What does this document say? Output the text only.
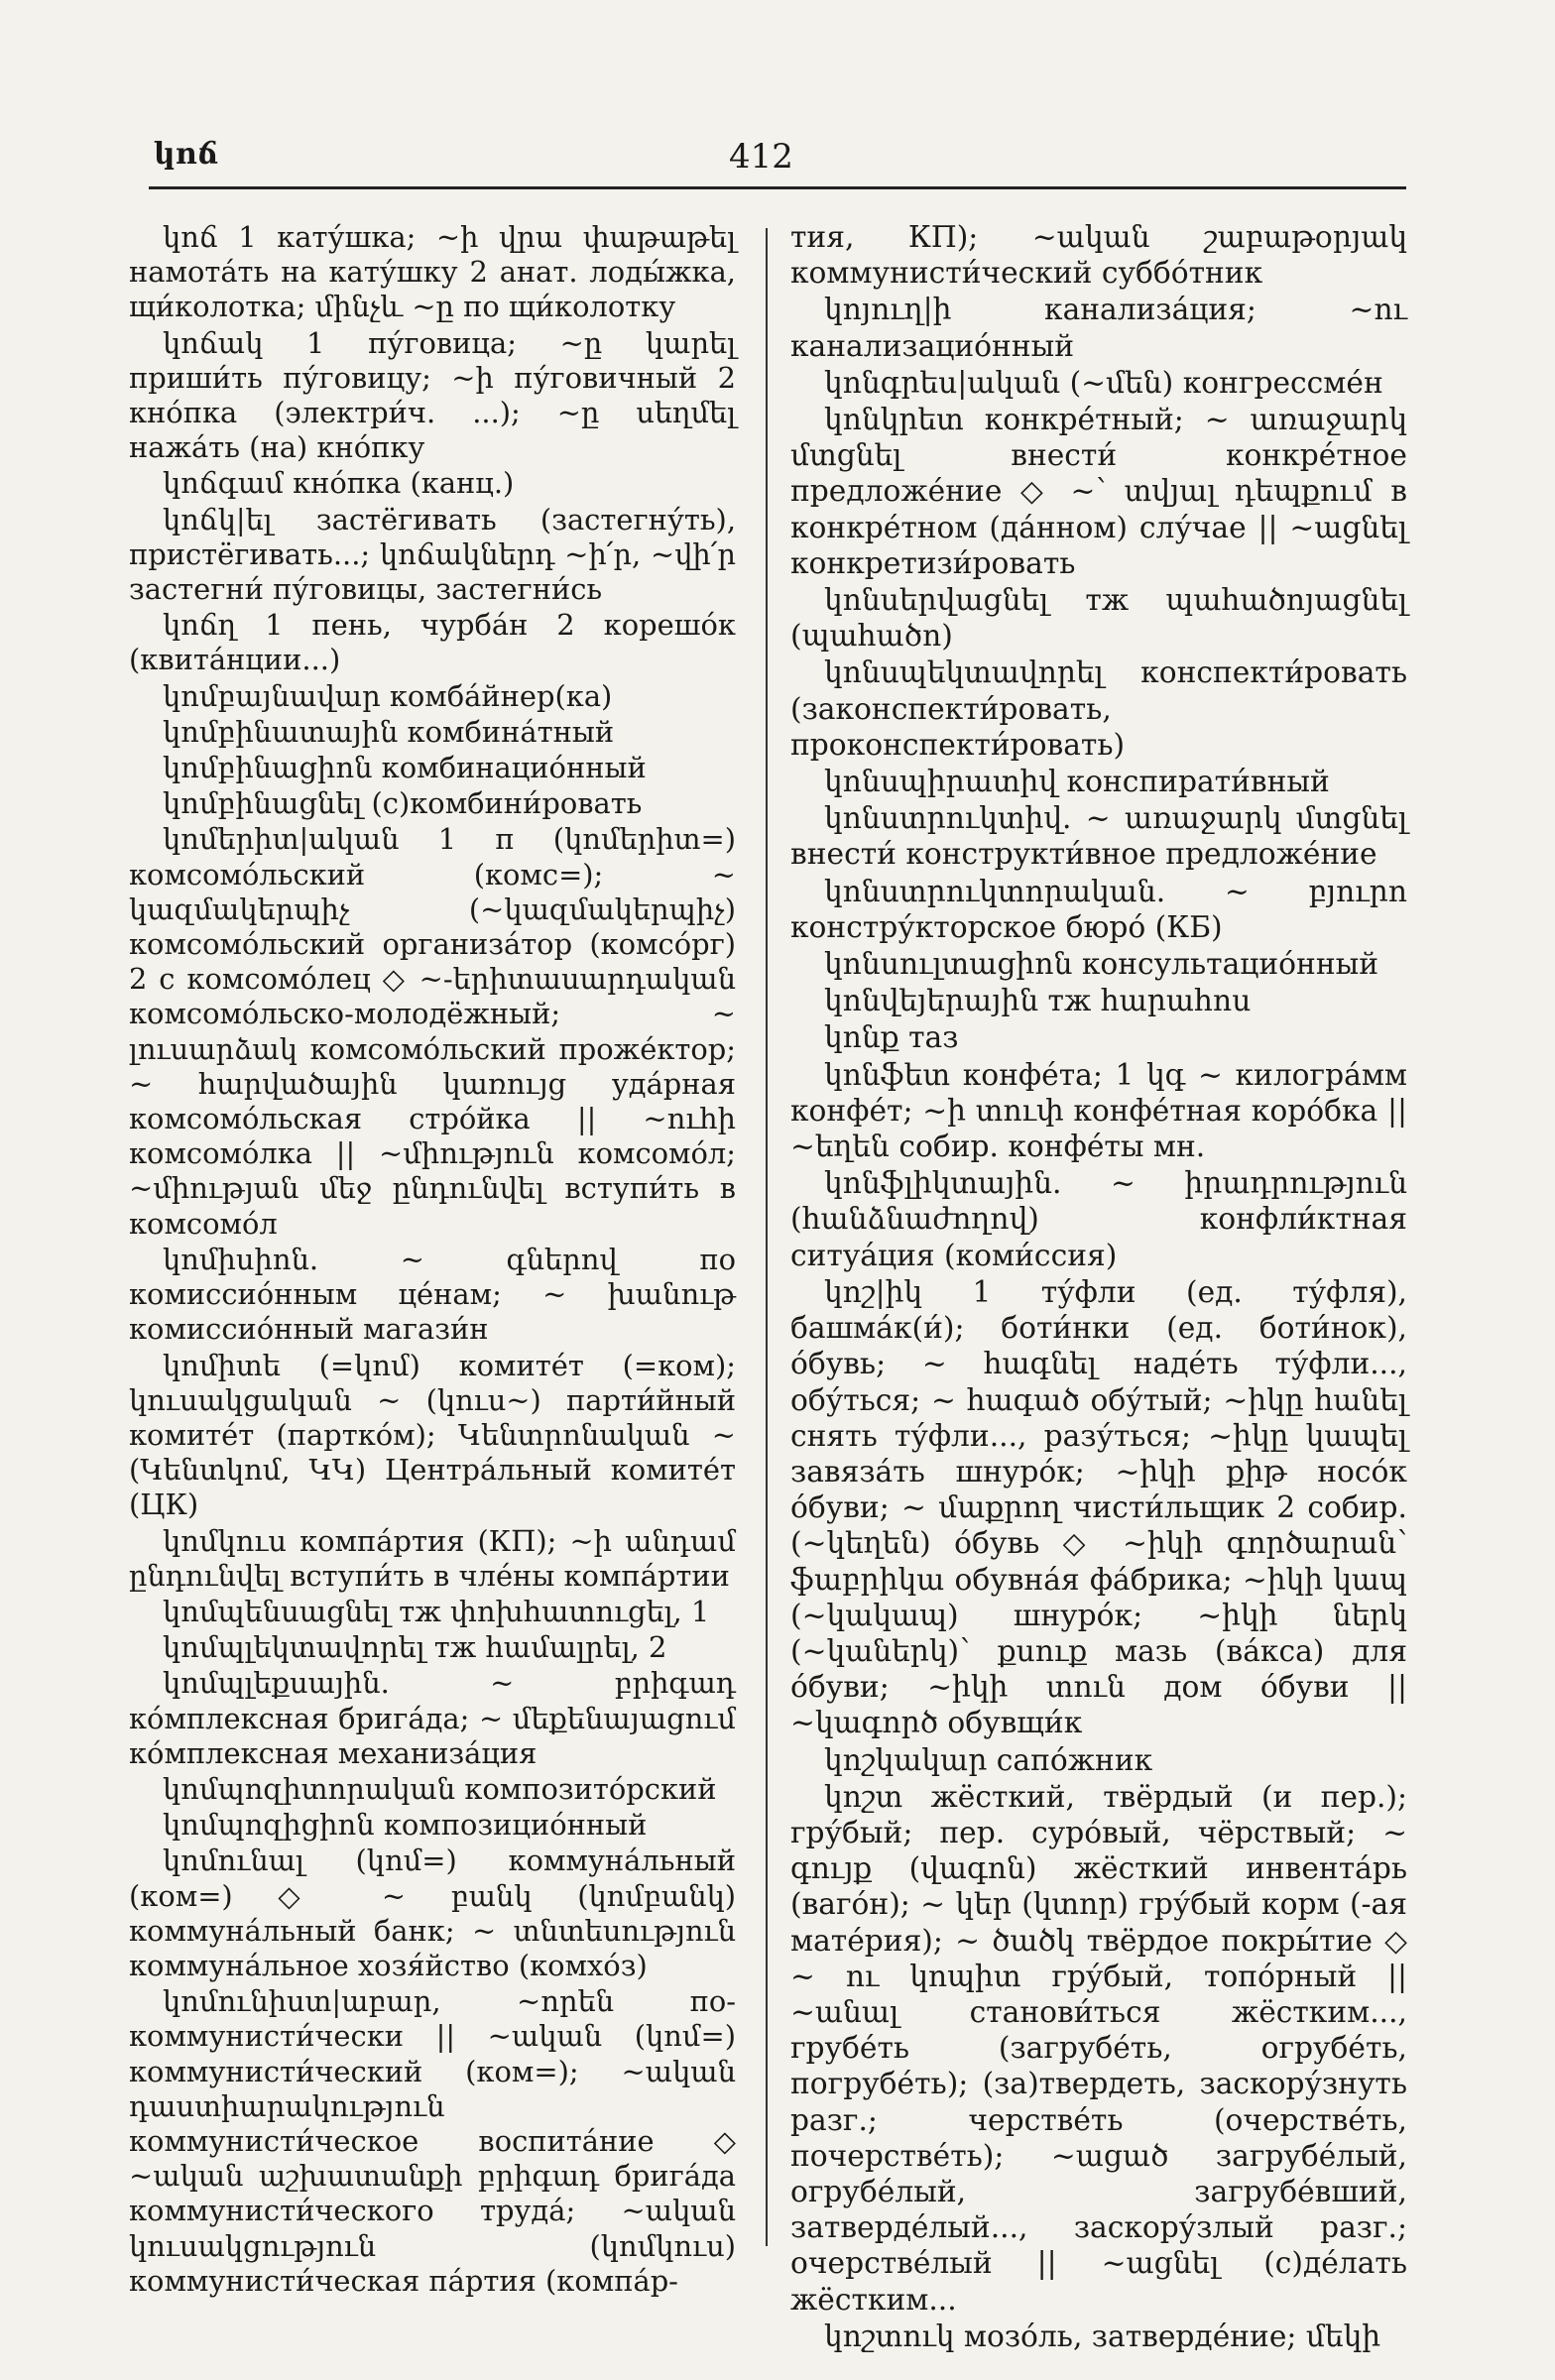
կոճ	412

կոճ 1 кату́шка; ~ի վրա փաթաթել намота́ть на кату́шку 2 анат. лоды́жка, щи́колотка; մինչև ~ը по щи́колотку

կոճակ 1 пу́говица; ~ը կարել приши́ть пу́говицу; ~ի пу́говичный 2 кно́пка (электри́ч. ...); ~ը սեղմել нажа́ть (на) кно́пку

կոճգամ кно́пка (канц.)

կոճկ|ել застёгивать (застегну́ть), пристёгивать...; կոճակներդ ~ի՛ր, ~վի՛ր застегни́ пу́говицы, застегни́сь

կոճղ 1 пень, чурба́н 2 корешо́к (квита́нции...)

կոմբայնավար комба́йнер(ка)

կոմբինատային комбина́тный

կոմբինացիոն комбинацио́нный

կոմբինացնել (с)комбини́ровать

կոմերիտ|ական 1 п (կոմերիտ=) комсомо́льский (комс=); ~ կազմակերպիչ (~կազմակերպիչ) комсомо́льский организа́тор (комсо́рг) 2 с комсомо́лец ◇ ~-երիտասարդական комсомо́льско-молодёжный; ~ լուսարձակ комсомо́льский проже́ктор; ~ հարվածային կառույց уда́рная комсомо́льская стро́йка || ~ուհի комсомо́лка || ~միություն комсомо́л; ~միության մեջ ընդունվել вступи́ть в комсомо́л

կոմիսիոն. ~ գներով по комиссио́нным це́нам; ~ խանութ комиссио́нный магази́н

կոմիտե (=կոմ) комите́т (=ком); կուսակցական ~ (կուս~) парти́йный комите́т (партко́м); Կենտրոնական ~ (Կենտկոմ, ԿԿ) Центра́льный комите́т (ЦК)

կոմկուս компа́ртия (КП); ~ի անդամ ընդունվել вступи́ть в чле́ны компа́ртии

կոմպենսացնել тж փոխհատուցել, 1

կոմպլեկտավորել тж համալրել, 2

կոմպլեքսային. ~ բրիգադ ко́мплексная брига́да; ~ մեքենայացում ко́мплексная механиза́ция

կոմպոզիտորական композито́рский

կոմպոզիցիոն композицио́нный

կոմունալ (կոմ=) коммуна́льный (ком=) ◇ ~ բանկ (կոմբանկ) коммуна́льный банк; ~ տնտեսություն коммуна́льное хозя́йство (комхо́з)

կոմունիստ|աբար, ~որեն по-коммунисти́чески || ~ական (կոմ=) коммунисти́ческий (ком=); ~ական դաստիարակություն коммунисти́ческое воспита́ние ◇ ~ական աշխատանքի բրիգադ брига́да коммунисти́ческого труда́; ~ական կուսակցություն (կոմկուս) коммунисти́ческая па́ртия (компа́р-

тия, КП); ~ական շաբաթօրյակ коммунисти́ческий суббо́тник

կոյուղ|ի канализа́ция; ~ու канализацио́нный

կոնգրես|ական (~մեն) конгрессме́н

կոնկրետ конкре́тный; ~ առաջարկ մտցնել внести́ конкре́тное предложе́ние ◇ ~՝ տվյալ դեպքում в конкре́тном (да́нном) слу́чае || ~ացնել конкретизи́ровать

կոնսերվացնել тж պահածոյացնել (պահածո)

կոնսպեկտավորել конспекти́ровать (законспекти́ровать, проконспекти́ровать)

կոնսպիրատիվ конспирати́вный

կոնստրուկտիվ. ~ առաջարկ մտցնել внести́ конструкти́вное предложе́ние

կոնստրուկտորական. ~ բյուրո констру́кторское бюро́ (КБ)

կոնսուլտացիոն консультацио́нный

կոնվեյերային тж հարահոս

կոնք таз

կոնֆետ конфе́та; 1 կգ ~ килогра́мм конфе́т; ~ի տուփ конфе́тная коро́бка || ~եղեն собир. конфе́ты мн.

կոնֆլիկտային. ~ իրադրություն (հանձնաժողով) конфли́ктная ситуа́ция (коми́ссия)

կոշ|իկ 1 ту́фли (ед. ту́фля), башма́к(и́); боти́нки (ед. боти́нок), о́бувь; ~ հագնել наде́ть ту́фли..., обу́ться; ~ հագած обу́тый; ~իկը հանել снять ту́фли..., разу́ться; ~իկը կապել завяза́ть шнуро́к; ~իկի քիթ носо́к о́буви; ~ մաքրող чисти́льщик 2 собир. (~կեղեն) о́бувь ◇ ~իկի գործարան՝ ֆաբրիկա обувна́я фа́брика; ~իկի կապ (~կակապ) шнуро́к; ~իկի ներկ (~կաներկ)՝ քսուք мазь (ва́кса) для о́буви; ~իկի տուն дом о́буви || ~կագործ обувщи́к

կոշկակար сапо́жник

կոշտ жёсткий, твёрдый (и пер.); гру́бый; пер. суро́вый, чёрствый; ~ գույք (վագոն) жёсткий инвента́рь (ваго́н); ~ կեր (կտոր) гру́бый корм (-ая мате́рия); ~ ծածկ твёрдое покры́тие ◇ ~ ու կոպիտ гру́бый, топо́рный || ~անալ станови́ться жёстким..., грубе́ть (загрубе́ть, огрубе́ть, погрубе́ть); (за)твердеть, заскору́знуть разг.; черстве́ть (очерстве́ть, почерстве́ть); ~ացած загрубе́лый, огрубе́лый, загрубе́вший, затверде́лый..., заскору́злый разг.; очерстве́лый || ~ացնել (с)де́лать жёстким...

կոշտուկ мозо́ль, затверде́ние; մեկի
